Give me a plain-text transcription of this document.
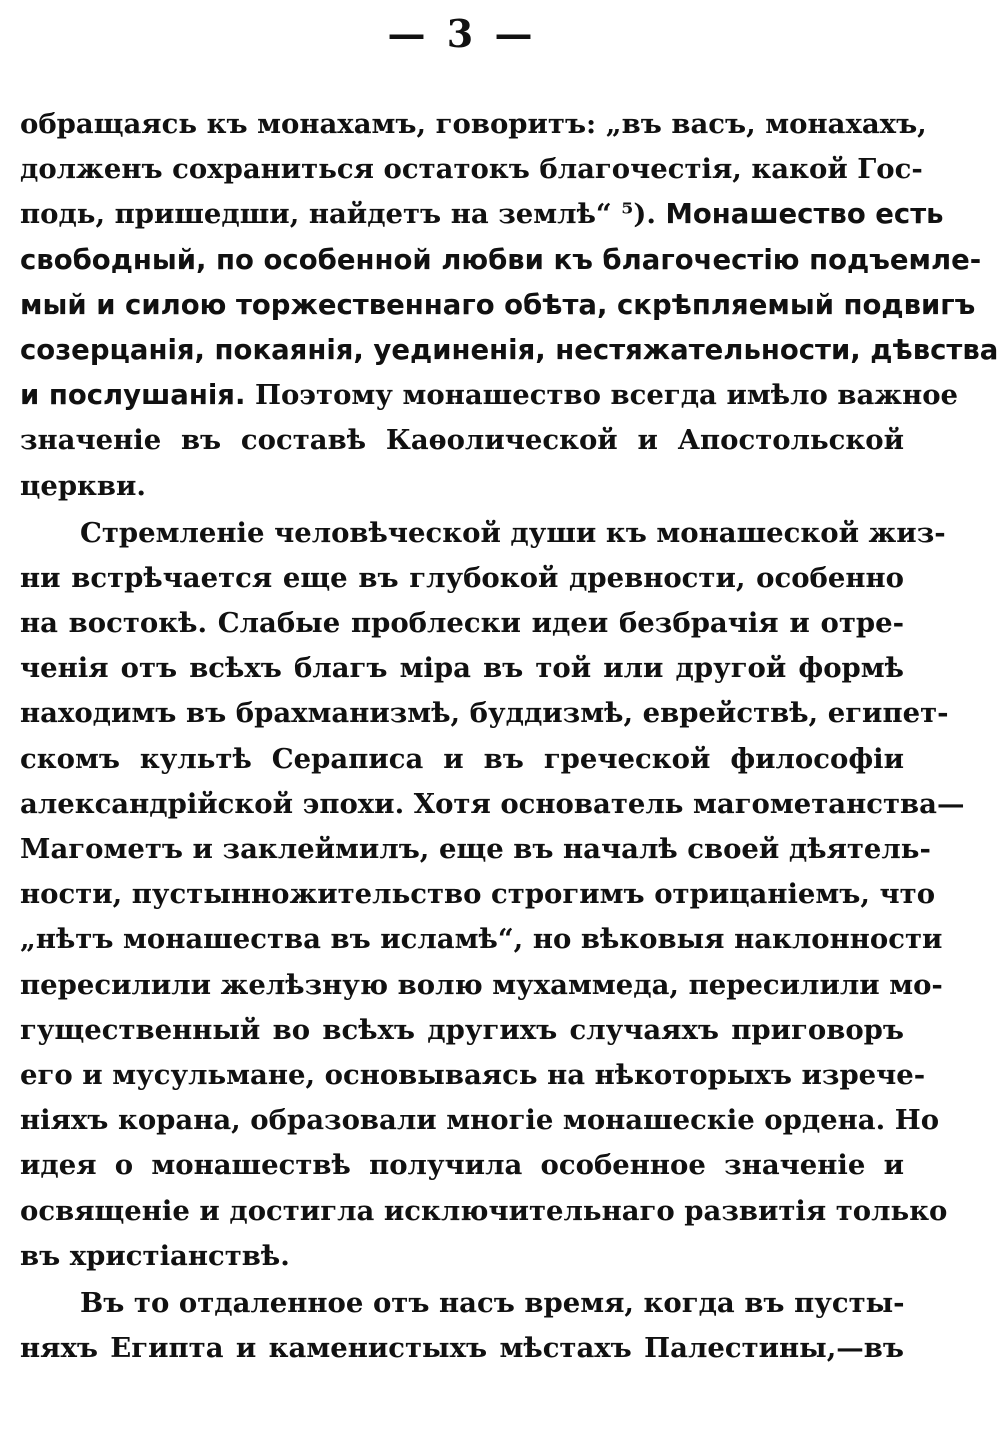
— 3 —
обращаясь къ монахамъ, говоритъ: „въ васъ, монахахъ,
долженъ сохраниться остатокъ благочестія, какой Гос-
подь, пришедши, найдетъ на землѣ“ ⁵). Монашество есть
свободный, по особенной любви къ благочестію подъемле-
мый и силою торжественнаго обѣта, скрѣпляемый подвигъ
созерцанія, покаянія, уединенія, нестяжательности, дѣвства
и послушанія. Поэтому монашество всегда имѣло важное
значеніе въ составѣ Каѳолической и Апостольской
церкви.
Стремленіе человѣческой души къ монашеской жиз-
ни встрѣчается еще въ глубокой древности, особенно
на востокѣ. Слабые проблески идеи безбрачія и отре-
ченія отъ всѣхъ благъ міра въ той или другой формѣ
находимъ въ брахманизмѣ, буддизмѣ, еврействѣ, египет-
скомъ культѣ Сераписа и въ греческой философіи
александрійской эпохи. Хотя основатель магометанства—
Магометъ и заклеймилъ, еще въ началѣ своей дѣятель-
ности, пустынножительство строгимъ отрицаніемъ, что
„нѣтъ монашества въ исламѣ“, но вѣковыя наклонности
пересилили желѣзную волю мухаммеда, пересилили мо-
гущественный во всѣхъ другихъ случаяхъ приговоръ
его и мусульмане, основываясь на нѣкоторыхъ изрече-
ніяхъ корана, образовали многіе монашескіе ордена. Но
идея о монашествѣ получила особенное значеніе и
освященіе и достигла исключительнаго развитія только
въ христіанствѣ.
Въ то отдаленное отъ насъ время, когда въ пусты-
няхъ Египта и каменистыхъ мѣстахъ Палестины,—въ
